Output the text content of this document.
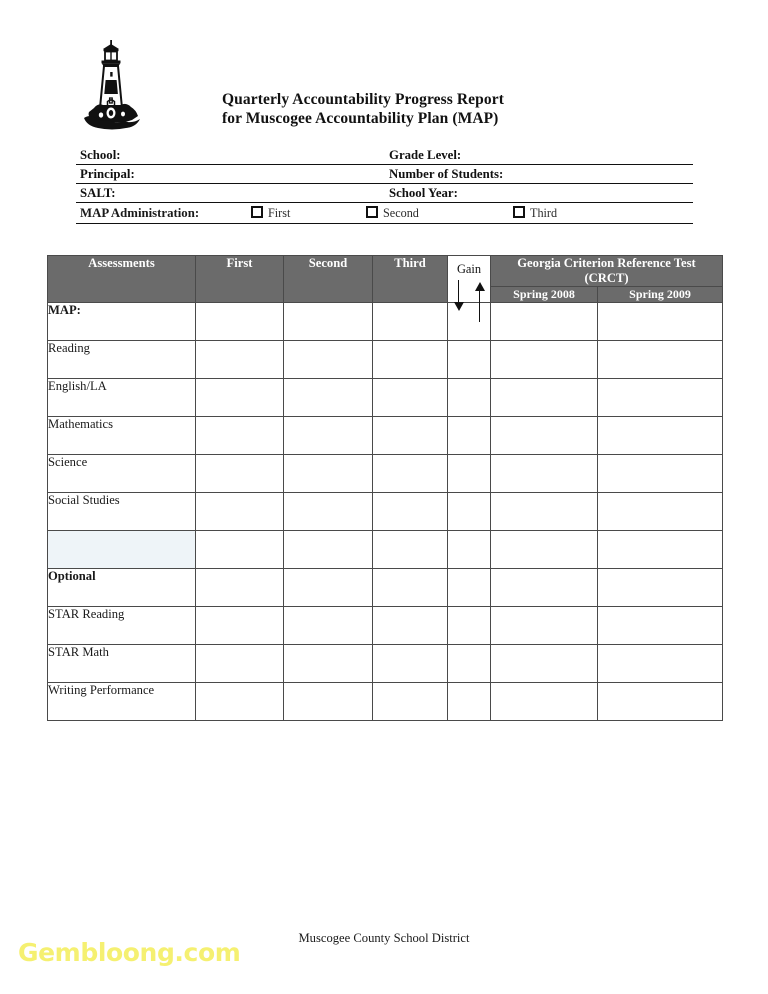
Quarterly Accountability Progress Report
for Muscogee Accountability Plan (MAP)
School:	Grade Level:
Principal:	Number of Students:
SALT:	School Year:
MAP Administration:	First	Second	Third
Assessments	First	Second	Third	Gain	Georgia Criterion Reference Test
(CRCT)	
					Spring 2008	Spring 2009
MAP:						
Reading						
English/LA						
Mathematics						
Science						
Social Studies						

Optional						
STAR Reading						
STAR Math						
Writing Performance						
Muscogee County School District
Gembloong.com
